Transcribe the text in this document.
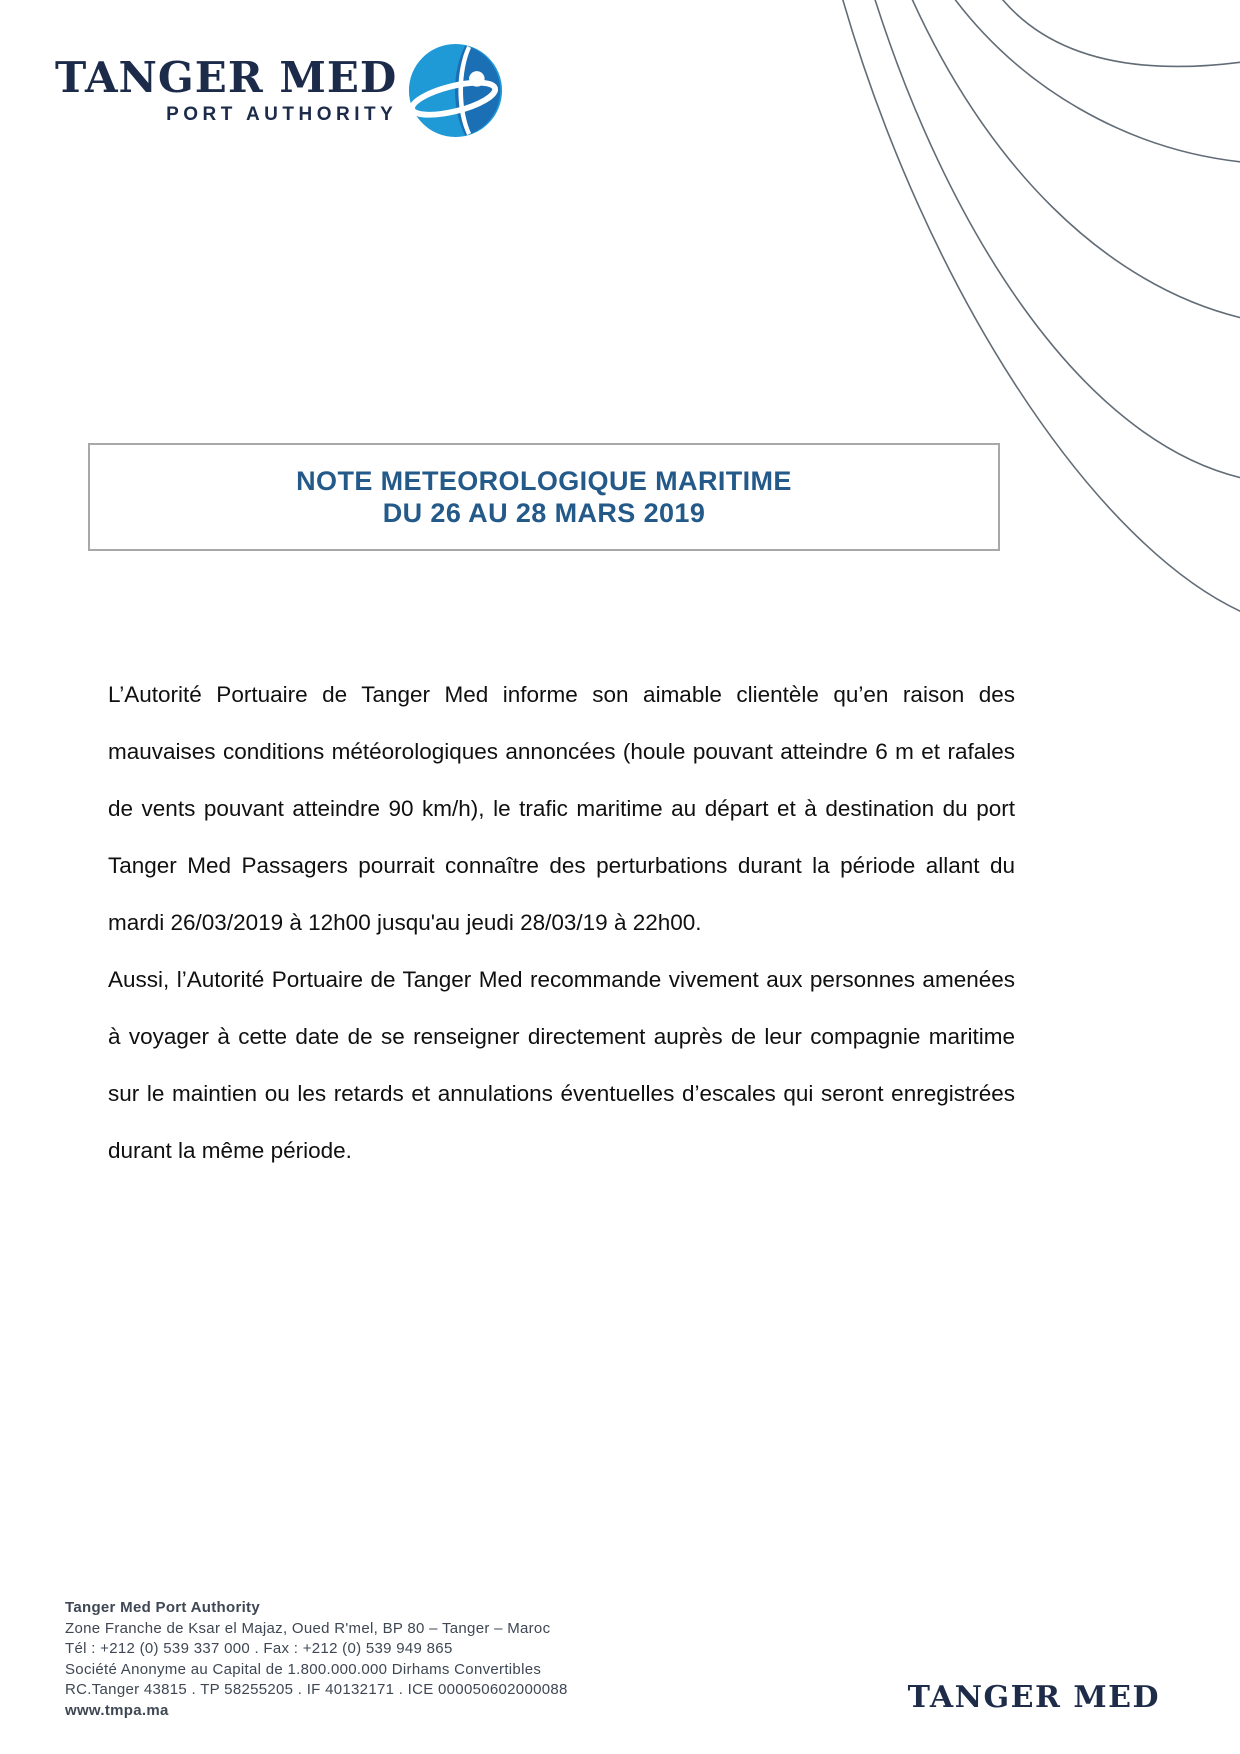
TANGER MED
PORT AUTHORITY
NOTE METEOROLOGIQUE MARITIME
DU 26 AU 28 MARS 2019

L’Autorité Portuaire de Tanger Med informe son aimable clientèle qu’en raison des mauvaises conditions météorologiques annoncées (houle pouvant atteindre 6 m et rafales de vents pouvant atteindre 90 km/h), le trafic maritime au départ et à destination du port Tanger Med Passagers pourrait connaître des perturbations durant la période allant du mardi 26/03/2019 à 12h00 jusqu'au jeudi 28/03/19 à 22h00.

Aussi, l’Autorité Portuaire de Tanger Med recommande vivement aux personnes amenées à voyager à cette date de se renseigner directement auprès de leur compagnie maritime sur le maintien ou les retards et annulations éventuelles d’escales qui seront enregistrées durant la même période.

Tanger Med Port Authority
Zone Franche de Ksar el Majaz, Oued R'mel, BP 80 – Tanger – Maroc
Tél : +212 (0) 539 337 000 . Fax : +212 (0) 539 949 865
Société Anonyme au Capital de 1.800.000.000 Dirhams Convertibles
RC.Tanger 43815 . TP 58255205 . IF 40132171 . ICE 000050602000088
www.tmpa.ma	TANGER MED
